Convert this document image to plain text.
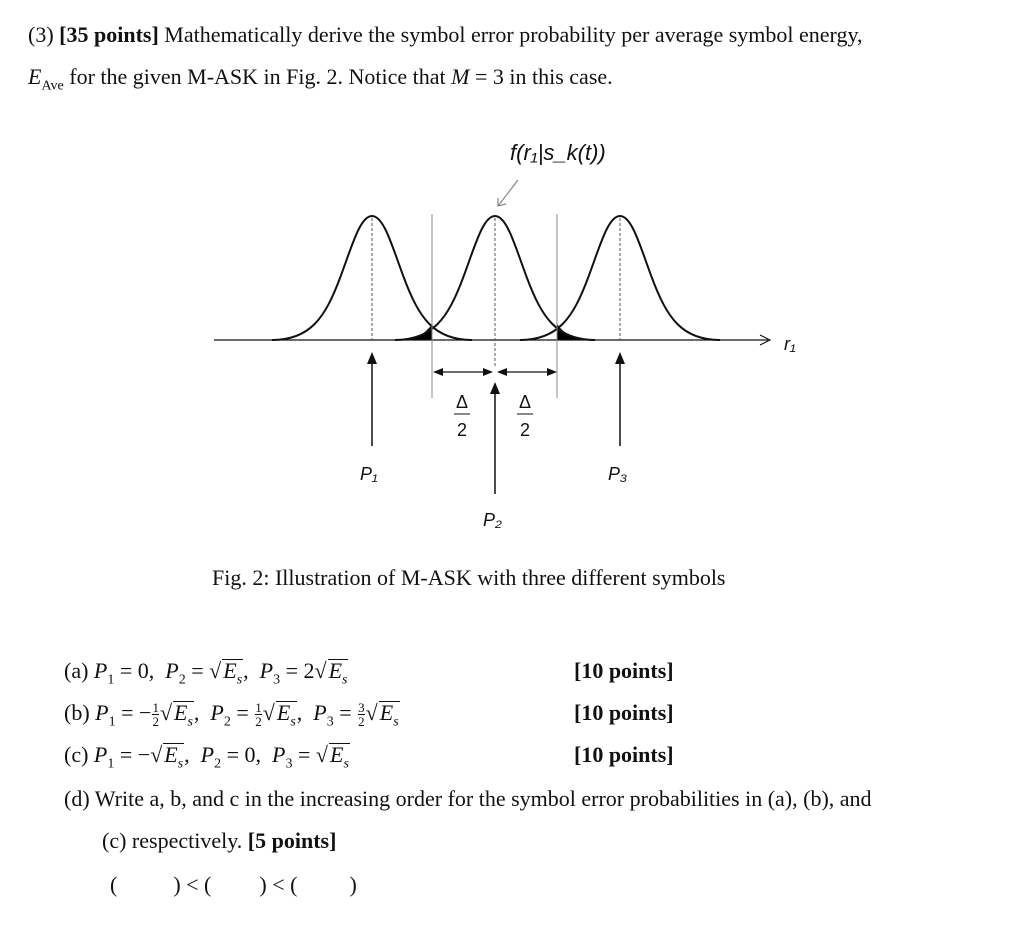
(3) [35 points] Mathematically derive the symbol error probability per average symbol energy,
$E_{Ave}$ for the given M-ASK in Fig. 2. Notice that M = 3 in this case.
f(r₁|s_k(t))
r₁
Δ
2
Δ
2
P₁
P₂
P₃
Fig. 2: Illustration of M-ASK with three different symbols
(a) $P_1 = 0$,  $P_2 = √E_s$,  $P_3 = 2√E_s$	[10 points]
(b) $P_1$ = − $\frac{1}{2} √E_s$,  $P_2 = \frac{1}{2} √E_s$,  $P_3 = \frac{3}{2} √E_s$	[10 points]
(c) $P_1 = -√E_s$,  $P_2 = 0$,  $P_3 = √E_s$	[10 points]
(d) Write a, b, and c in the increasing order for the symbol error probabilities in (a), (b), and
(c) respectively. [5 points]
(	) < ( ) < ( )
